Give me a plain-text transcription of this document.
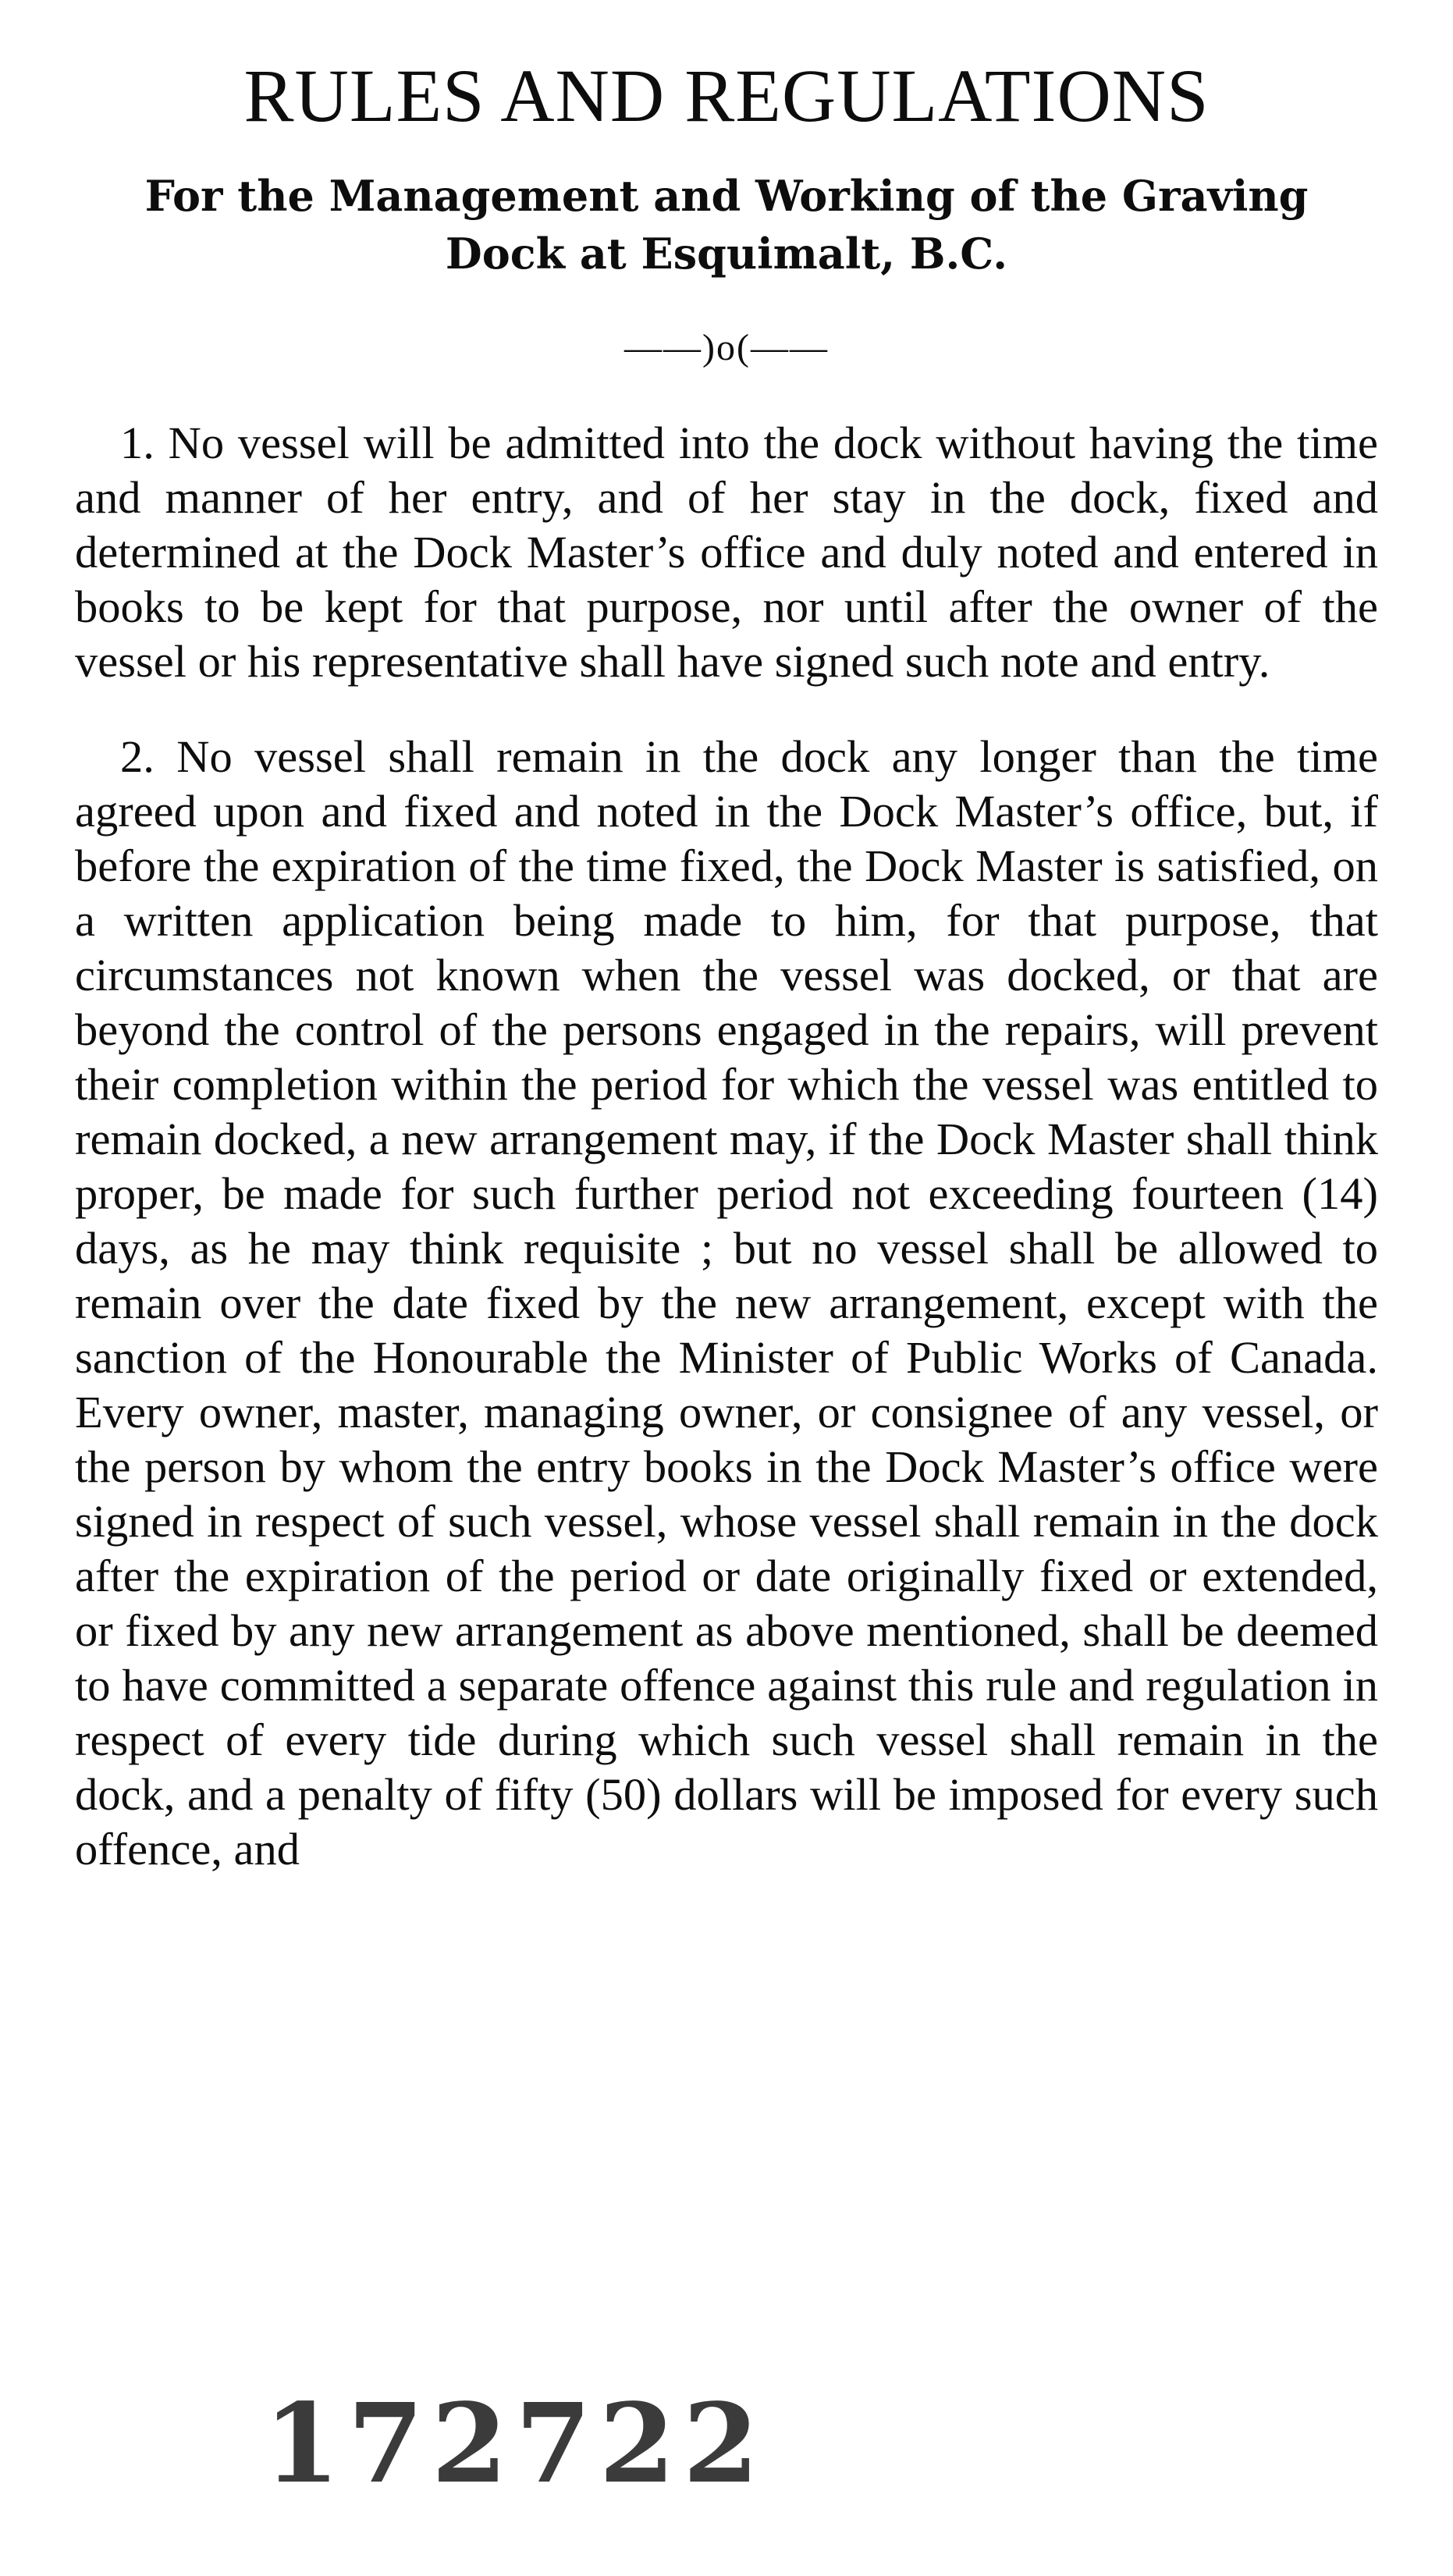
RULES AND REGULATIONS
For the Management and Working of the Graving Dock at Esquimalt, B.C.
——)o(——

1. No vessel will be admitted into the dock without having the time and manner of her entry, and of her stay in the dock, fixed and determined at the Dock Master’s office and duly noted and entered in books to be kept for that purpose, nor until after the owner of the vessel or his representative shall have signed such note and entry.

2. No vessel shall remain in the dock any longer than the time agreed upon and fixed and noted in the Dock Master’s office, but, if before the expiration of the time fixed, the Dock Master is satisfied, on a written application being made to him, for that purpose, that circumstances not known when the vessel was docked, or that are beyond the control of the persons engaged in the repairs, will prevent their completion within the period for which the vessel was entitled to remain docked, a new arrangement may, if the Dock Master shall think proper, be made for such further period not exceeding fourteen (14) days, as he may think requisite ; but no vessel shall be allowed to remain over the date fixed by the new arrangement, except with the sanction of the Honourable the Minister of Public Works of Canada. Every owner, master, managing owner, or consignee of any vessel, or the person by whom the entry books in the Dock Master’s office were signed in respect of such vessel, whose vessel shall remain in the dock after the expiration of the period or date originally fixed or extended, or fixed by any new arrangement as above mentioned, shall be deemed to have committed a separate offence against this rule and regulation in respect of every tide during which such vessel shall remain in the dock, and a penalty of fifty (50) dollars will be imposed for every such offence, and

172722
